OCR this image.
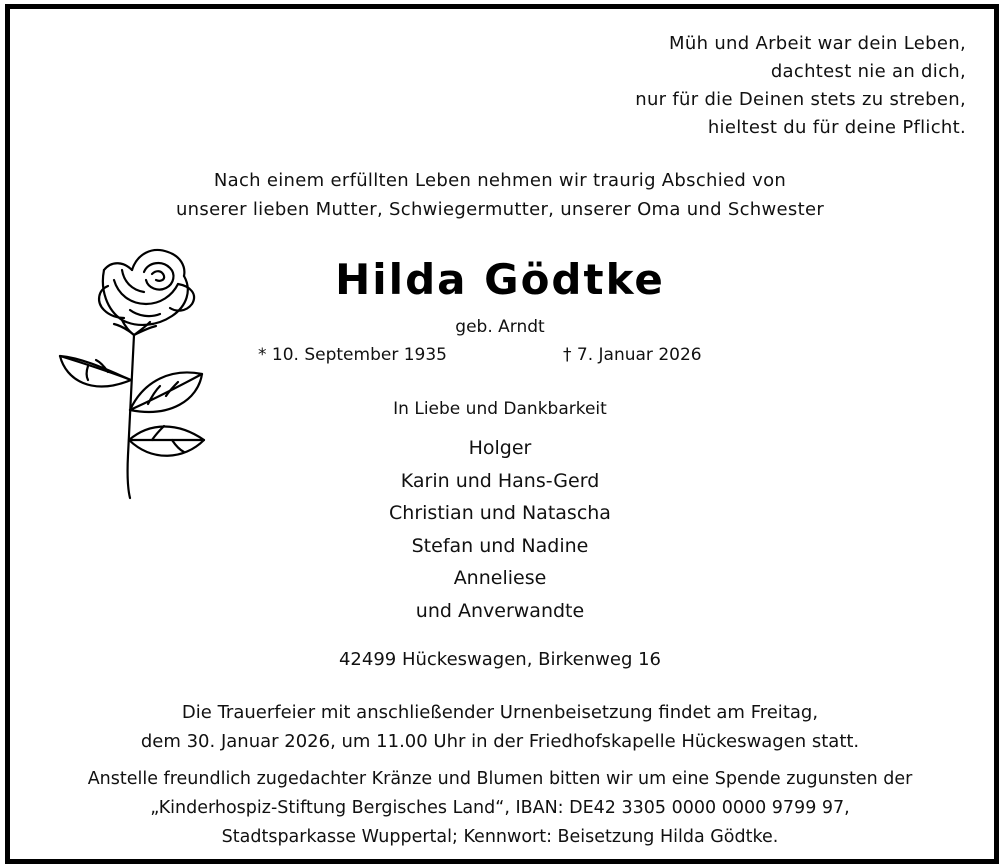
Müh und Arbeit war dein Leben,
dachtest nie an dich,
nur für die Deinen stets zu streben,
hieltest du für deine Pflicht.
Nach einem erfüllten Leben nehmen wir traurig Abschied von
unserer lieben Mutter, Schwiegermutter, unserer Oma und Schwester
Hilda Gödtke
geb. Arndt
* 10. September 1935	† 7. Januar 2026
In Liebe und Dankbarkeit
Holger
Karin und Hans-Gerd
Christian und Natascha
Stefan und Nadine
Anneliese
und Anverwandte
42499 Hückeswagen, Birkenweg 16
Die Trauerfeier mit anschließender Urnenbeisetzung findet am Freitag,
dem 30. Januar 2026, um 11.00 Uhr in der Friedhofskapelle Hückeswagen statt.
Anstelle freundlich zugedachter Kränze und Blumen bitten wir um eine Spende zugunsten der
„Kinderhospiz-Stiftung Bergisches Land“, IBAN: DE42 3305 0000 0000 9799 97,
Stadtsparkasse Wuppertal; Kennwort: Beisetzung Hilda Gödtke.
